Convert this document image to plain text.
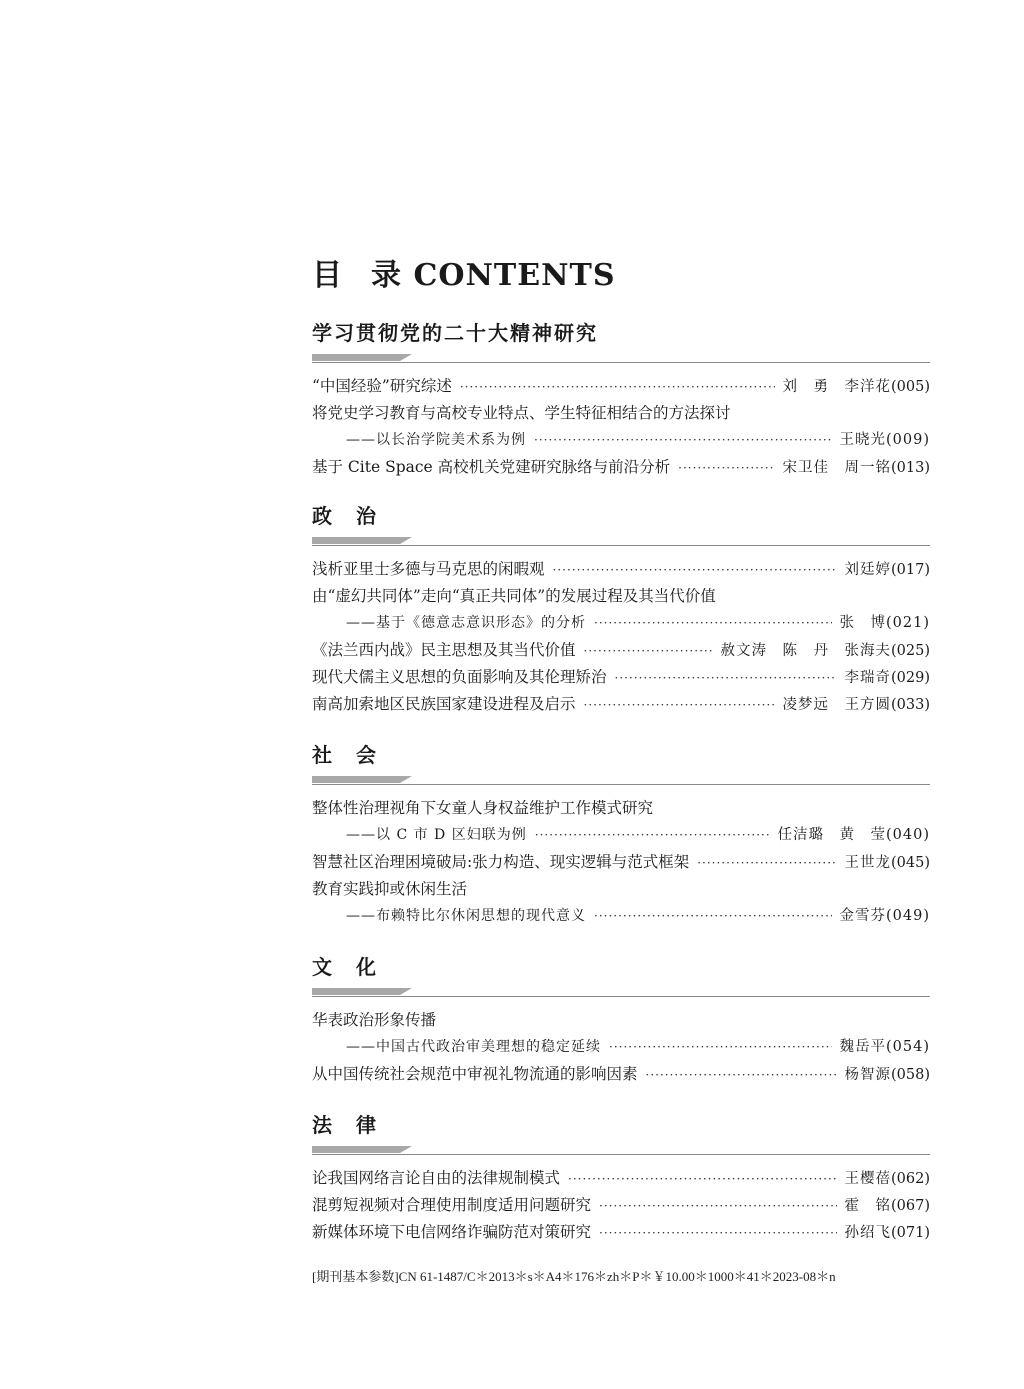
目 录 CONTENTS
学习贯彻党的二十大精神研究
“中国经验”研究综述 ·····	刘　勇　李洋花 (005)
将党史学习教育与高校专业特点、学生特征相结合的方法探讨
——以长治学院美术系为例 ·····	王晓光 (009)
基于 Cite Space 高校机关党建研究脉络与前沿分析 ·····	宋卫佳　周一铭 (013)
政　治
浅析亚里士多德与马克思的闲暇观 ·····	刘廷婷 (017)
由“虚幻共同体”走向“真正共同体”的发展过程及其当代价值
——基于《德意志意识形态》的分析 ·····	张　博 (021)
《法兰西内战》民主思想及其当代价值 ·····	赦文涛　陈　丹　张海夫 (025)
现代犬儒主义思想的负面影响及其伦理矫治 ·····	李瑞奇 (029)
南高加索地区民族国家建设进程及启示 ·····	凌梦远　王方圆 (033)
社　会
整体性治理视角下女童人身权益维护工作模式研究
——以 C 市 D 区妇联为例 ·····	任洁璐　黄　莹 (040)
智慧社区治理困境破局:张力构造、现实逻辑与范式框架 ·····	王世龙 (045)
教育实践抑或休闲生活
——布赖特比尔休闲思想的现代意义 ·····	金雪芬 (049)
文　化
华表政治形象传播
——中国古代政治审美理想的稳定延续 ·····	魏岳平 (054)
从中国传统社会规范中审视礼物流通的影响因素 ·····	杨智源 (058)
法　律
论我国网络言论自由的法律规制模式 ·····	王樱蓓 (062)
混剪短视频对合理使用制度适用问题研究 ·····	霍　铭 (067)
新媒体环境下电信网络诈骗防范对策研究 ·····	孙绍飞 (071)
[期刊基本参数]CN 61-1487/C＊2013＊s＊A4＊176＊zh＊P＊￥10.00＊1000＊41＊2023-08＊n
